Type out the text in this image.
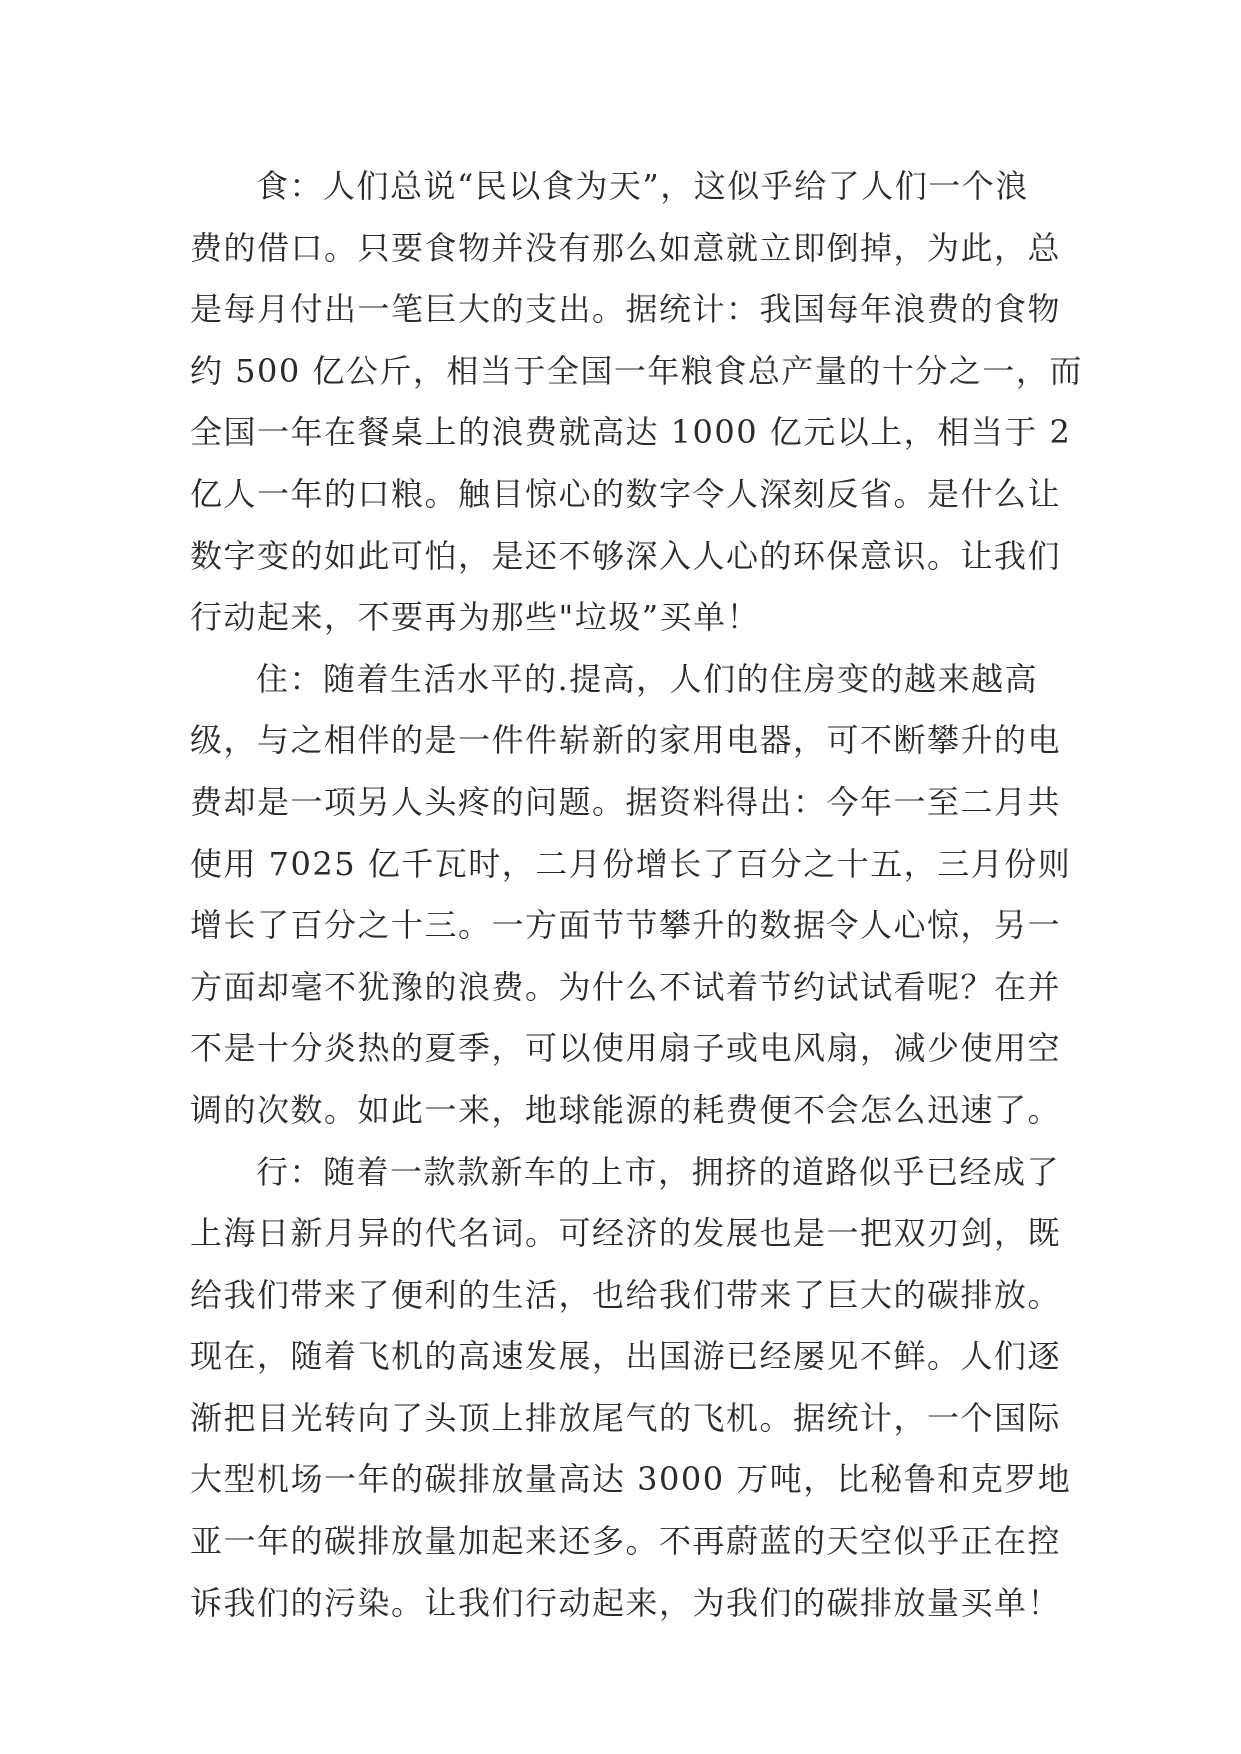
食：人们总说“民以食为天”，这似乎给了人们一个浪
费的借口。只要食物并没有那么如意就立即倒掉，为此，总
是每月付出一笔巨大的支出。据统计：我国每年浪费的食物
约 500 亿公斤，相当于全国一年粮食总产量的十分之一，而
全国一年在餐桌上的浪费就高达 1000 亿元以上，相当于 2
亿人一年的口粮。触目惊心的数字令人深刻反省。是什么让
数字变的如此可怕，是还不够深入人心的环保意识。让我们
行动起来，不要再为那些"垃圾”买单！
住：随着生活水平的.提高，人们的住房变的越来越高
级，与之相伴的是一件件崭新的家用电器，可不断攀升的电
费却是一项另人头疼的问题。据资料得出：今年一至二月共
使用 7025 亿千瓦时，二月份增长了百分之十五，三月份则
增长了百分之十三。一方面节节攀升的数据令人心惊，另一
方面却毫不犹豫的浪费。为什么不试着节约试试看呢？在并
不是十分炎热的夏季，可以使用扇子或电风扇，减少使用空
调的次数。如此一来，地球能源的耗费便不会怎么迅速了。
行：随着一款款新车的上市，拥挤的道路似乎已经成了
上海日新月异的代名词。可经济的发展也是一把双刃剑，既
给我们带来了便利的生活，也给我们带来了巨大的碳排放。
现在，随着飞机的高速发展，出国游已经屡见不鲜。人们逐
渐把目光转向了头顶上排放尾气的飞机。据统计，一个国际
大型机场一年的碳排放量高达 3000 万吨，比秘鲁和克罗地
亚一年的碳排放量加起来还多。不再蔚蓝的天空似乎正在控
诉我们的污染。让我们行动起来，为我们的碳排放量买单！
